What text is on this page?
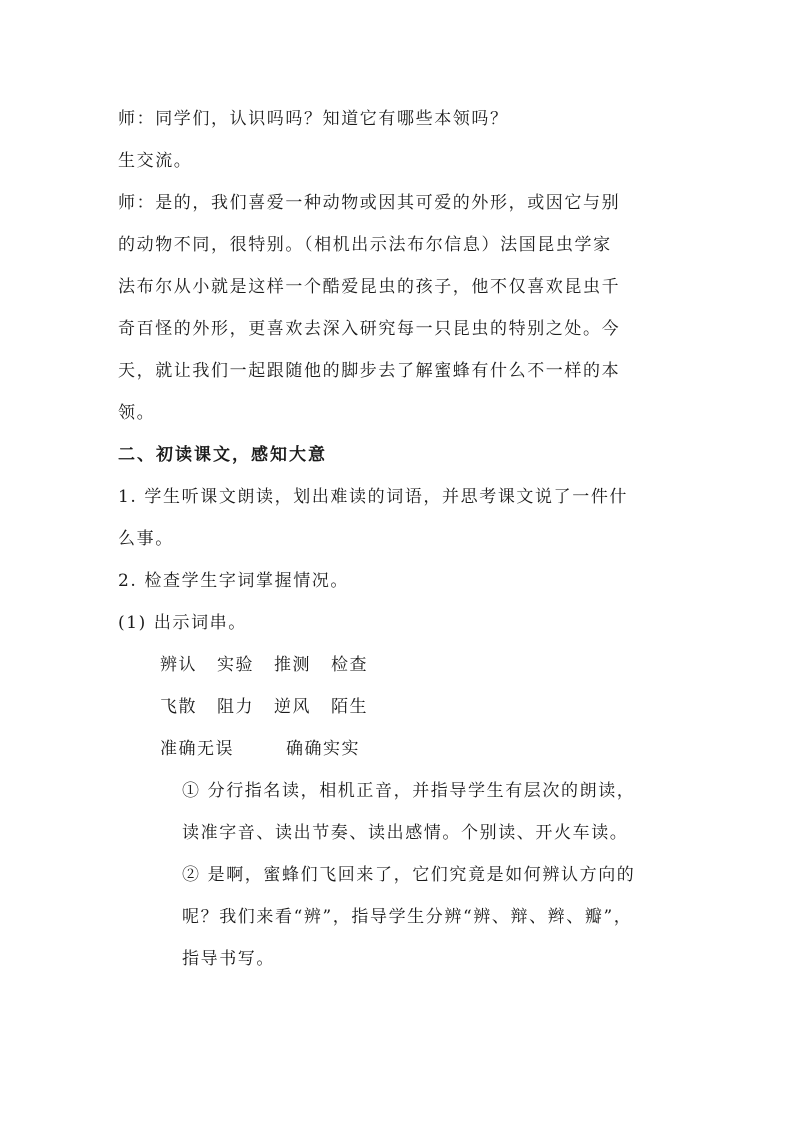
师：同学们，认识吗吗？知道它有哪些本领吗？
生交流。
师：是的，我们喜爱一种动物或因其可爱的外形，或因它与别
的动物不同，很特别。（相机出示法布尔信息）法国昆虫学家
法布尔从小就是这样一个酷爱昆虫的孩子，他不仅喜欢昆虫千
奇百怪的外形，更喜欢去深入研究每一只昆虫的特别之处。今
天，就让我们一起跟随他的脚步去了解蜜蜂有什么不一样的本
领。
二、初读课文，感知大意
1. 学生听课文朗读，划出难读的词语，并思考课文说了一件什
么事。
2. 检查学生字词掌握情况。
(1) 出示词串。
辨认 实验 推测 检查
飞散 阻力 逆风 陌生
准确无误	确确实实
① 分行指名读，相机正音，并指导学生有层次的朗读，
读准字音、读出节奏、读出感情。个别读、开火车读。
② 是啊，蜜蜂们飞回来了，它们究竟是如何辨认方向的
呢？我们来看“辨”，指导学生分辨“辨、辩、辫、瓣”，
指导书写。
